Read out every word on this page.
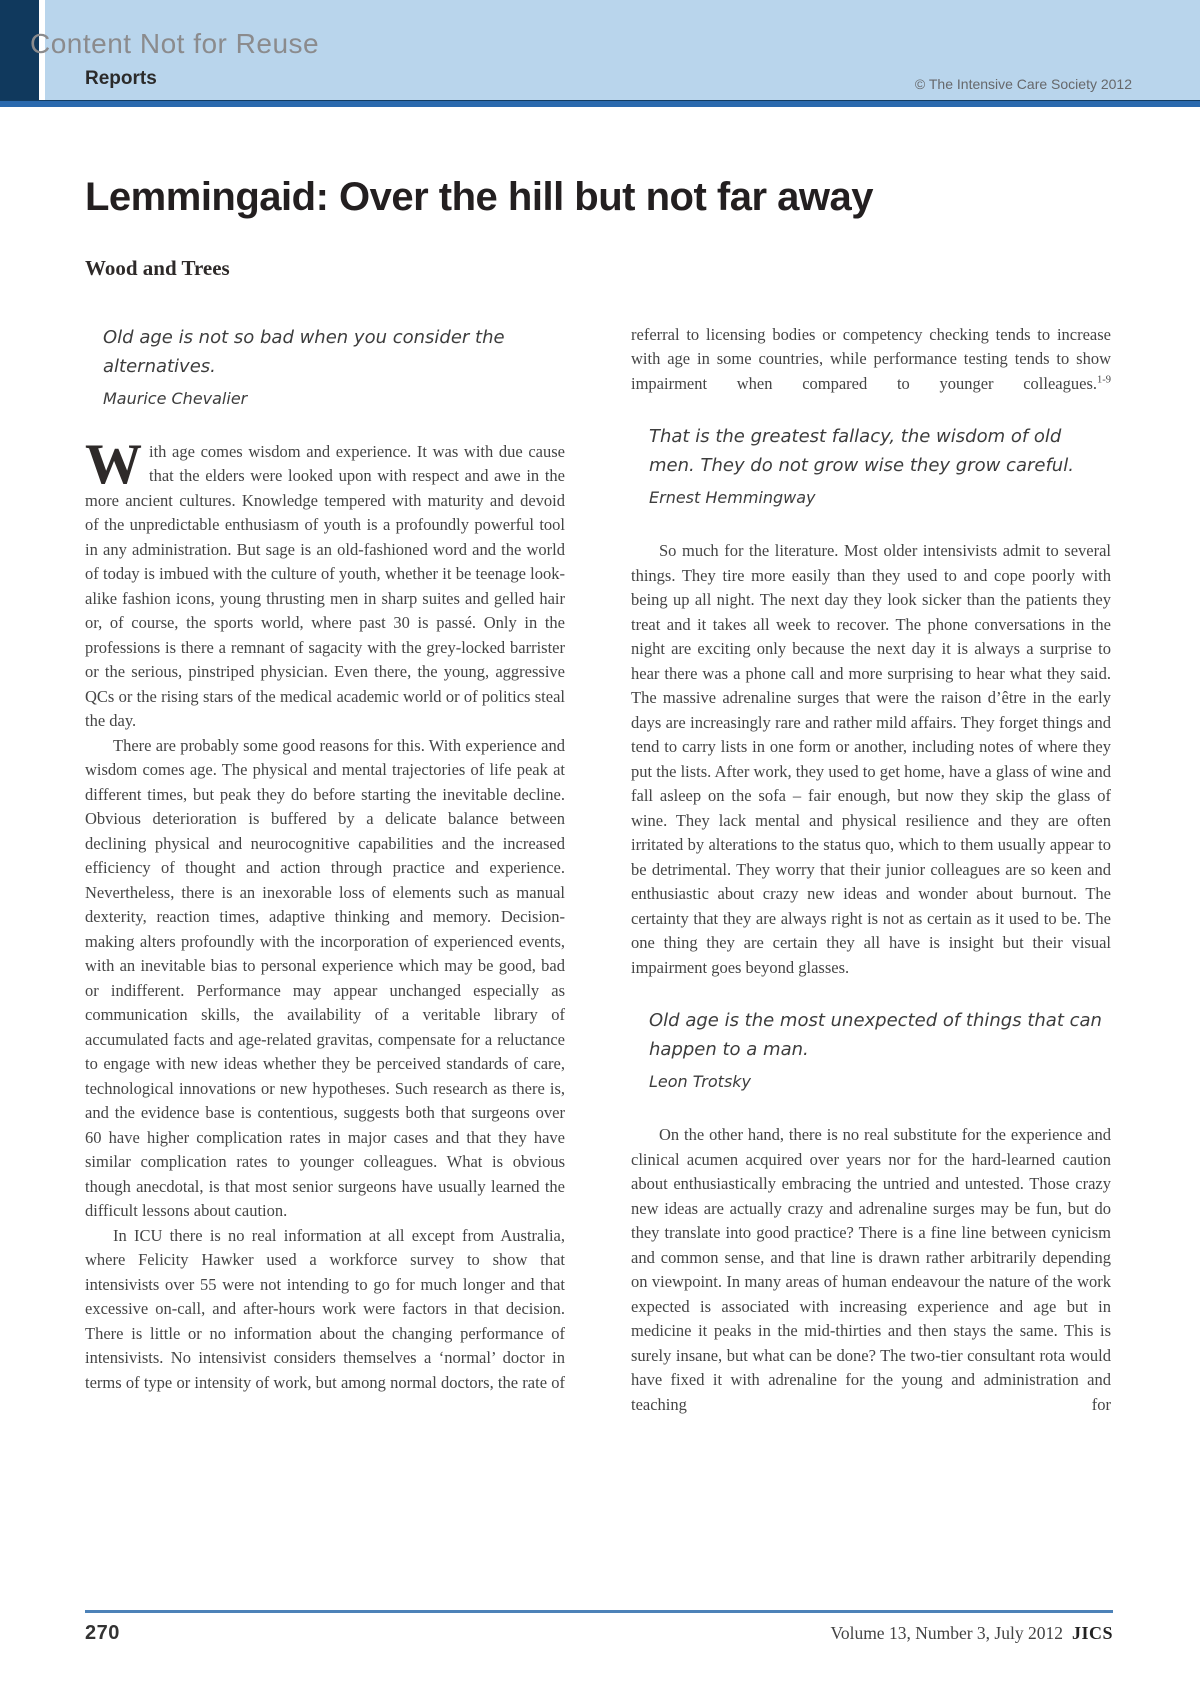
Content Not for Reuse
Reports	© The Intensive Care Society 2012
Lemmingaid: Over the hill but not far away
Wood and Trees
Old age is not so bad when you consider the alternatives.
Maurice Chevalier

With age comes wisdom and experience. It was with due cause that the elders were looked upon with respect and awe in the more ancient cultures. Knowledge tempered with maturity and devoid of the unpredictable enthusiasm of youth is a profoundly powerful tool in any administration. But sage is an old-fashioned word and the world of today is imbued with the culture of youth, whether it be teenage look-alike fashion icons, young thrusting men in sharp suites and gelled hair or, of course, the sports world, where past 30 is passé. Only in the professions is there a remnant of sagacity with the grey-locked barrister or the serious, pinstriped physician. Even there, the young, aggressive QCs or the rising stars of the medical academic world or of politics steal the day.

There are probably some good reasons for this. With experience and wisdom comes age. The physical and mental trajectories of life peak at different times, but peak they do before starting the inevitable decline. Obvious deterioration is buffered by a delicate balance between declining physical and neurocognitive capabilities and the increased efficiency of thought and action through practice and experience. Nevertheless, there is an inexorable loss of elements such as manual dexterity, reaction times, adaptive thinking and memory. Decision-making alters profoundly with the incorporation of experienced events, with an inevitable bias to personal experience which may be good, bad or indifferent. Performance may appear unchanged especially as communication skills, the availability of a veritable library of accumulated facts and age-related gravitas, compensate for a reluctance to engage with new ideas whether they be perceived standards of care, technological innovations or new hypotheses. Such research as there is, and the evidence base is contentious, suggests both that surgeons over 60 have higher complication rates in major cases and that they have similar complication rates to younger colleagues. What is obvious though anecdotal, is that most senior surgeons have usually learned the difficult lessons about caution.

In ICU there is no real information at all except from Australia, where Felicity Hawker used a workforce survey to show that intensivists over 55 were not intending to go for much longer and that excessive on-call, and after-hours work were factors in that decision. There is little or no information about the changing performance of intensivists. No intensivist considers themselves a ‘normal’ doctor in terms of type or intensity of work, but among normal doctors, the rate of

referral to licensing bodies or competency checking tends to increase with age in some countries, while performance testing tends to show impairment when compared to younger colleagues.$^{1-9}$

That is the greatest fallacy, the wisdom of old men. They do not grow wise they grow careful.
Ernest Hemmingway

So much for the literature. Most older intensivists admit to several things. They tire more easily than they used to and cope poorly with being up all night. The next day they look sicker than the patients they treat and it takes all week to recover. The phone conversations in the night are exciting only because the next day it is always a surprise to hear there was a phone call and more surprising to hear what they said. The massive adrenaline surges that were the raison d’être in the early days are increasingly rare and rather mild affairs. They forget things and tend to carry lists in one form or another, including notes of where they put the lists. After work, they used to get home, have a glass of wine and fall asleep on the sofa – fair enough, but now they skip the glass of wine. They lack mental and physical resilience and they are often irritated by alterations to the status quo, which to them usually appear to be detrimental. They worry that their junior colleagues are so keen and enthusiastic about crazy new ideas and wonder about burnout. The certainty that they are always right is not as certain as it used to be. The one thing they are certain they all have is insight but their visual impairment goes beyond glasses.

Old age is the most unexpected of things that can happen to a man.
Leon Trotsky

On the other hand, there is no real substitute for the experience and clinical acumen acquired over years nor for the hard-learned caution about enthusiastically embracing the untried and untested. Those crazy new ideas are actually crazy and adrenaline surges may be fun, but do they translate into good practice? There is a fine line between cynicism and common sense, and that line is drawn rather arbitrarily depending on viewpoint. In many areas of human endeavour the nature of the work expected is associated with increasing experience and age but in medicine it peaks in the mid-thirties and then stays the same. This is surely insane, but what can be done? The two-tier consultant rota would have fixed it with adrenaline for the young and administration and teaching for

270	Volume 13, Number 3, July 2012 JICS
